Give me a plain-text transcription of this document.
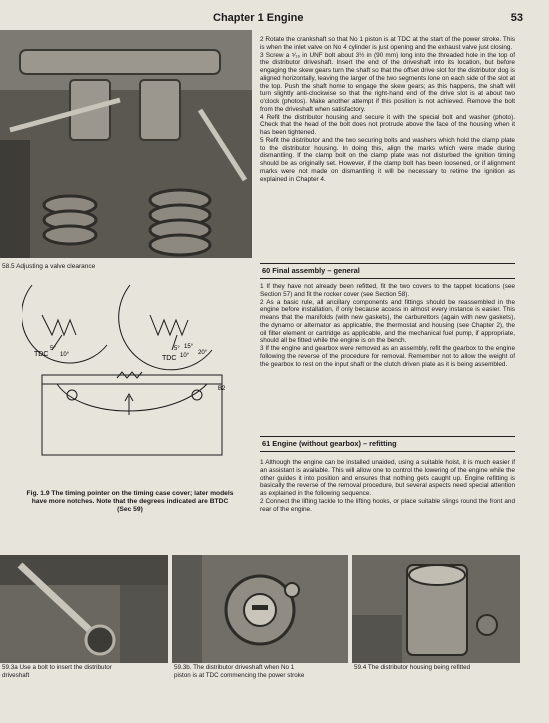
Chapter 1 Engine	53
58.5 Adjusting a valve clearance

2 Rotate the crankshaft so that No 1 piston is at TDC at the start of the power stroke. This is when the inlet valve on No 4 cylinder is just opening and the exhaust valve just closing.

3 Screw a ⁵⁄₁₆ in UNF bolt about 3½ in (90 mm) long into the threaded hole in the top of the distributor driveshaft. Insert the end of the driveshaft into its location, but before engaging the skew gears turn the shaft so that the offset drive slot for the distributor dog is aligned horizontally, leaving the larger of the two segments lone on each side of the slot at the top. Push the shaft home to engage the skew gears; as this happens, the shaft will turn slightly anti-clockwise so that the right-hand end of the drive slot is at about two o'clock (photos). Make another attempt if this position is not achieved. Remove the bolt from the driveshaft when satisfactory.

4 Refit the distributor housing and secure it with the special bolt and washer (photo). Check that the head of the bolt does not protrude above the face of the housing when it has been tightened.

5 Refit the distributor and the two securing bolts and washers which hold the clamp plate to the distributor housing. In doing this, align the marks which were made during dismantling. If the clamp bolt on the clamp plate was not disturbed the ignition timing should be as originally set. However, if the clamp bolt has been loosened, or if alignment marks were not made on dismantling it will be necessary to retime the ignition as explained in Chapter 4.

60 Final assembly – general

1 If they have not already been refitted, fit the two covers to the tappet locations (see Section 57) and fit the rocker cover (see Section 58).

2 As a basic rule, all ancillary components and fittings should be reassembled in the engine before installation, if only because access in almost every instance is easier. This means that the manifolds (with new gaskets), the carburettors (again with new gaskets), the dynamo or alternator as applicable, the thermostat and housing (see Chapter 2), the oil filter element or cartridge as applicable, and the mechanical fuel pump, if appropriate, should all be fitted while the engine is on the bench.

3 If the engine and gearbox were removed as an assembly, refit the gearbox to the engine following the reverse of the procedure for removal. Remember not to allow the weight of the gearbox to rest on the input shaft or the clutch driven plate as it is being assembled.

61 Engine (without gearbox) – refitting

1 Although the engine can be installed unaided, using a suitable hoist, it is much easier if an assistant is available. This will allow one to control the lowering of the engine while the other guides it into position and ensures that nothing gets caught up. Engine refitting is basically the reverse of the removal procedure, but several aspects need special attention as explained in the following sequence.

2 Connect the lifting tackle to the lifting hooks, or place suitable slings round the front and rear of the engine.

TDC
5°
10°	TDC
5°
10°
15°
20°
B2
Fig. 1.9 The timing pointer on the timing case cover; later models
have more notches. Note that the degrees indicated are BTDC
(Sec 59)
59.3a Use a bolt to insert the distributor
driveshaft
59.3b. The distributor driveshaft when No 1
piston is at TDC commencing the power stroke
59.4 The distributor housing being refitted
